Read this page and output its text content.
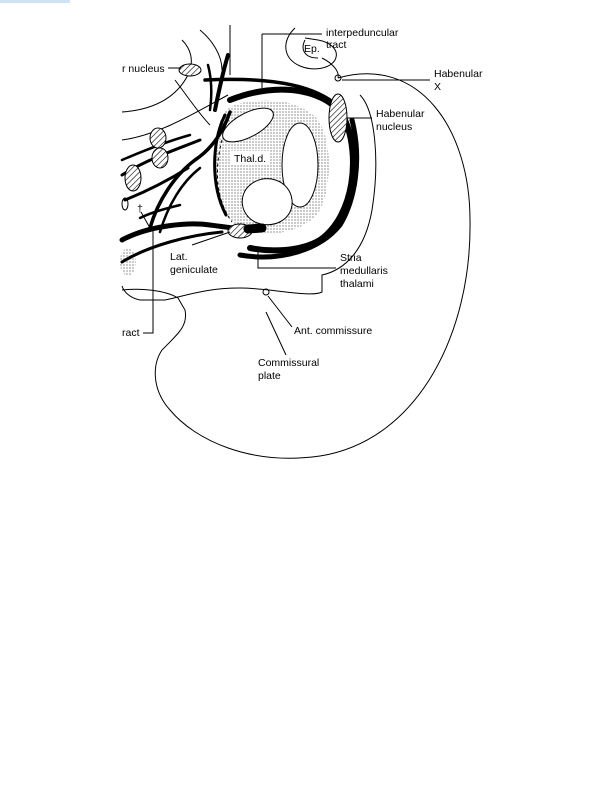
interpeduncular tract
Ep.
Habenular X
Habenular nucleus
r nucleus
Thal.d.
†
Lat. geniculate
Stria medullaris thalami
ract	Ant. commissure
Commissural plate
